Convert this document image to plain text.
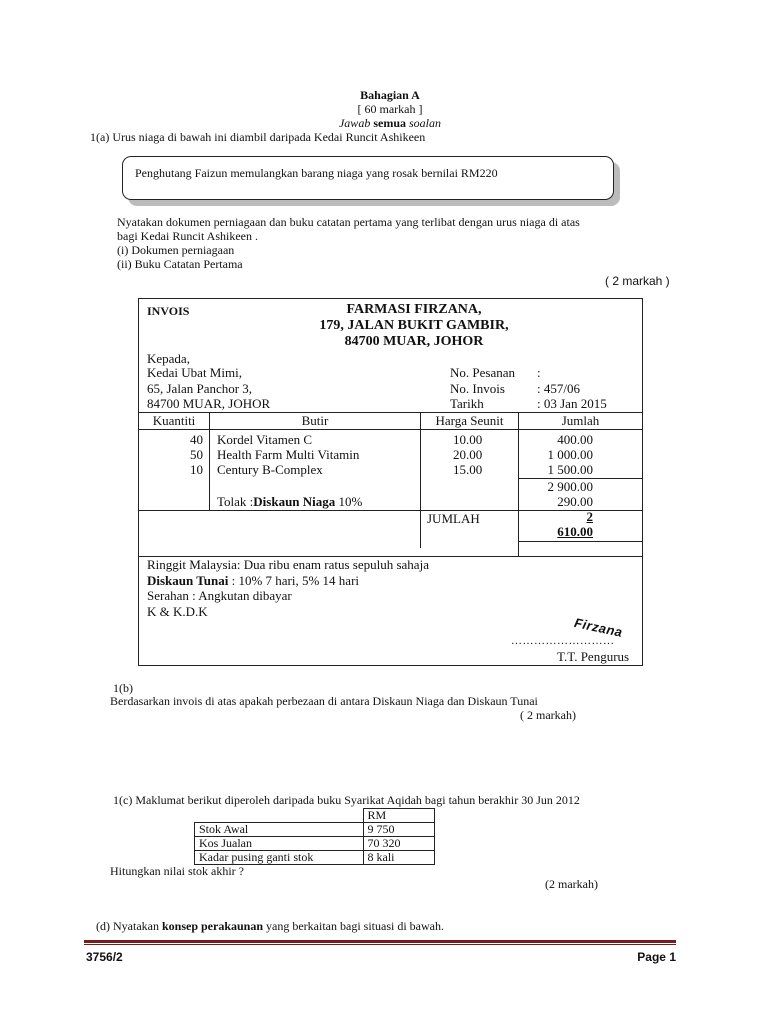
Bahagian A
[ 60 markah ]
Jawab semua soalan
1(a) Urus niaga di bawah ini diambil daripada Kedai Runcit Ashikeen
Penghutang Faizun memulangkan barang niaga yang rosak bernilai RM220
Nyatakan dokumen perniagaan dan buku catatan pertama yang terlibat dengan urus niaga di atas
bagi Kedai Runcit Ashikeen .
(i) Dokumen perniagaan
(ii) Buku Catatan Pertama
( 2 markah )
INVOIS	FARMASI FIRZANA,
179, JALAN BUKIT GAMBIR,
84700 MUAR, JOHOR
Kepada,
Kedai Ubat Mimi,
65, Jalan Panchor 3,
84700 MUAR, JOHOR
No. Pesanan :
No. Invois : 457/06
Tarikh	: 03 Jan 2015
Kuantiti	Butir	Harga Seunit	Jumlah
40 Kordel Vitamen C	10.00	400.00
50 Health Farm Multi Vitamin	20.00	1 000.00
10 Century B-Complex	15.00	1 500.00
2 900.00
Tolak :Diskaun Niaga 10%	290.00
JUMLAH	2
610.00
Ringgit Malaysia: Dua ribu enam ratus sepuluh sahaja
Diskaun Tunai : 10% 7 hari, 5% 14 hari
Serahan : Angkutan dibayar
K & K.D.K
………………………
T.T. Pengurus
Firzana
1(b)
Berdasarkan invois di atas apakah perbezaan di antara Diskaun Niaga dan Diskaun Tunai
( 2 markah)
1(c) Maklumat berikut diperoleh daripada buku Syarikat Aqidah bagi tahun berakhir 30 Jun 2012
	RM
Stok Awal	9 750
Kos Jualan	70 320
Kadar pusing ganti stok	8 kali
Hitungkan nilai stok akhir ?
(2 markah)
(d) Nyatakan konsep perakaunan yang berkaitan bagi situasi di bawah.
3756/2	Page 1
